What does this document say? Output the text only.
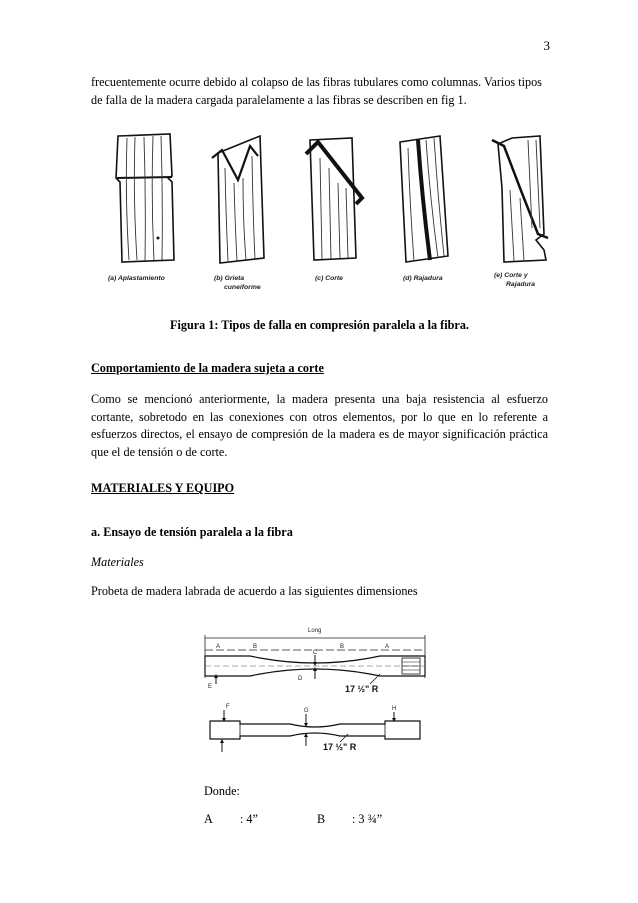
3

frecuentemente ocurre debido al colapso de las fibras tubulares como columnas. Varios tipos de falla de la madera cargada paralelamente a las fibras se describen en fig 1.

(a) Aplastamiento	(b) Grieta
cuneiforme
(c) Corte	(d) Rajadura	(e) Corte y
Rajadura

Figura 1: Tipos de falla en compresión paralela a la fibra.

Comportamiento de la madera sujeta a corte

Como se mencionó anteriormente, la madera presenta una baja resistencia al esfuerzo cortante, sobretodo en las conexiones con otros elementos, por lo que en lo referente a esfuerzos directos, el ensayo de compresión de la madera es de mayor significación práctica que el de tensión o de corte.

MATERIALES Y EQUIPO

a. Ensayo de tensión paralela a la fibra

Materiales

Probeta de madera labrada de acuerdo a las siguientes dimensiones

Long
A	B	B	A
C
D
E	17 ½" R
F
G	H
17 ½" R
Donde:
A : 4”	B : 3 ¾”
